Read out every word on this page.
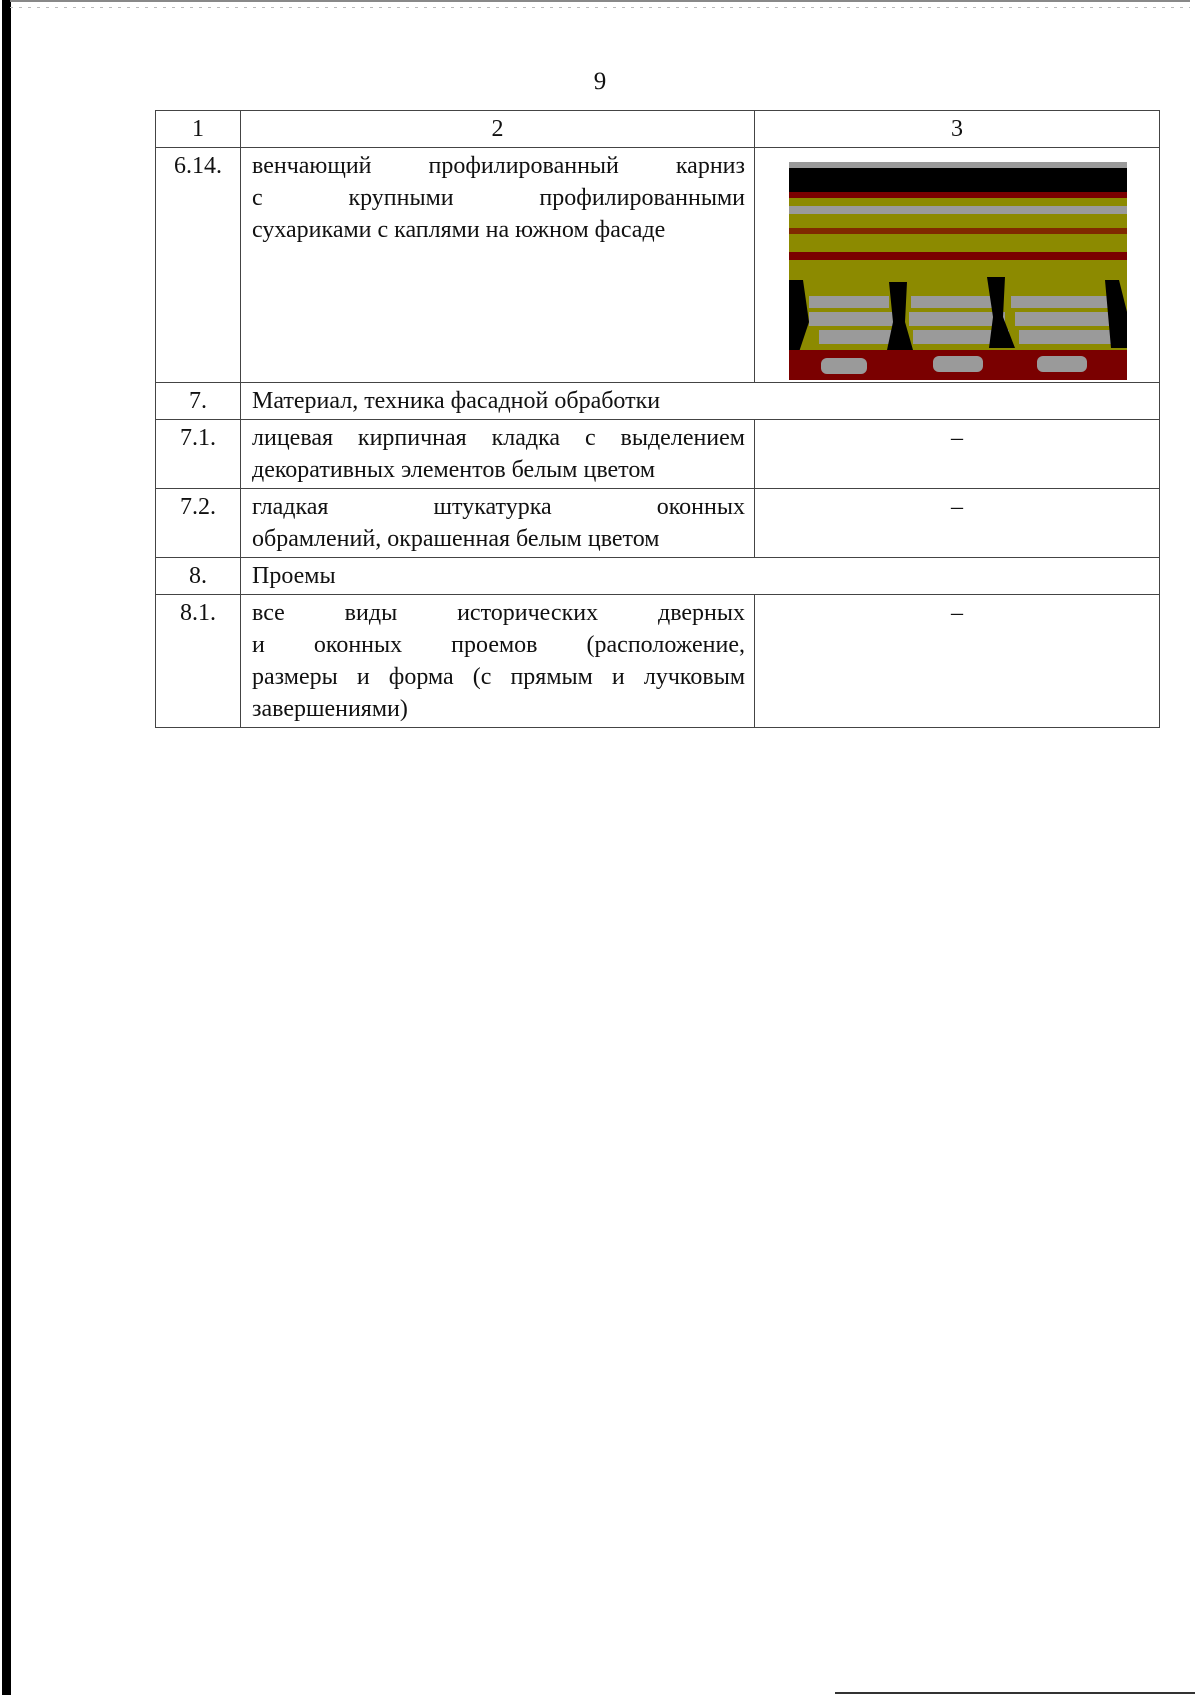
9
1	2	3
6.14.	венчающий профилированный карниз
с крупными профилированными
сухариками с каплями на южном фасаде

7.	Материал, техника фасадной обработки	
7.1.	лицевая кирпичная кладка с выделением
декоративных элементов белым цветом	–
7.2.	гладкая штукатурка оконных
обрамлений, окрашенная белым цветом	–
8.	Проемы	
8.1.	все виды исторических дверных
и оконных проемов (расположение,
размеры и форма (с прямым и лучковым
завершениями)	–
